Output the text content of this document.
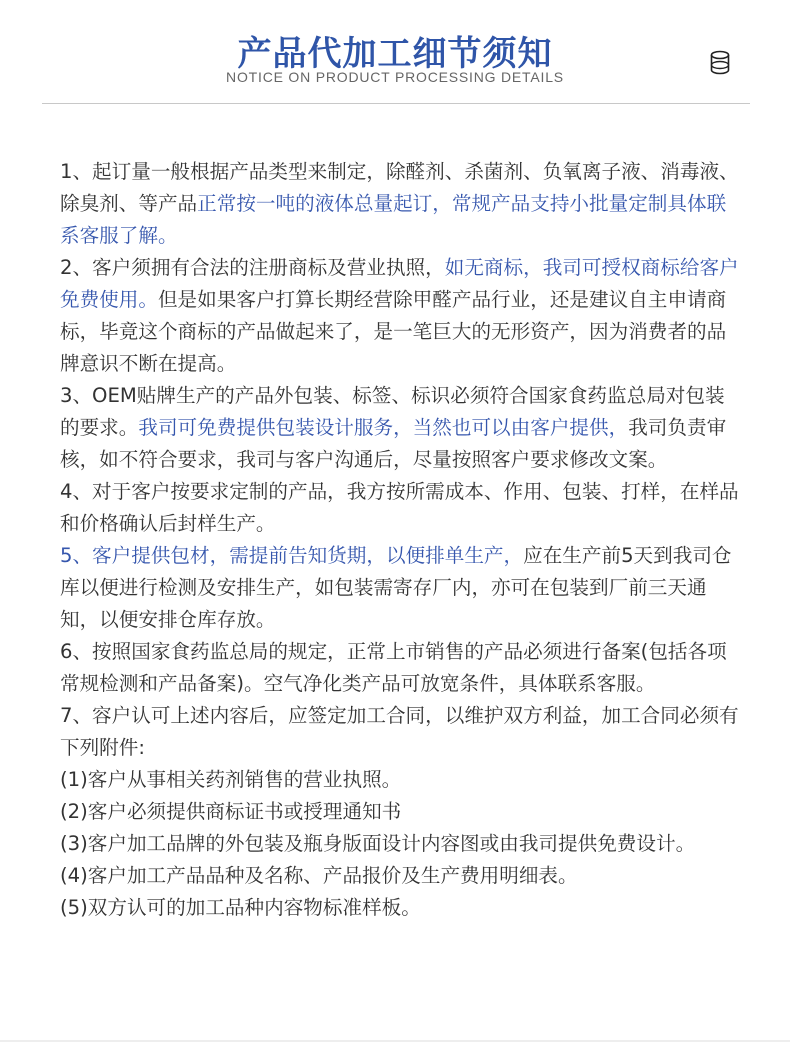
产品代加工细节须知
NOTICE ON PRODUCT PROCESSING DETAILS

1、起订量一般根据产品类型来制定，除醛剂、杀菌剂、负氧离子液、消毒液、除臭剂、等产品正常按一吨的液体总量起订，常规产品支持小批量定制具体联系客服了解。

2、客户须拥有合法的注册商标及营业执照，如无商标，我司可授权商标给客户免费使用。但是如果客户打算长期经营除甲醛产品行业，还是建议自主申请商标，毕竟这个商标的产品做起来了，是一笔巨大的无形资产，因为消费者的品牌意识不断在提高。

3、OEM贴牌生产的产品外包装、标签、标识必须符合国家食药监总局对包装的要求。我司可免费提供包装设计服务，当然也可以由客户提供，我司负责审核，如不符合要求，我司与客户沟通后，尽量按照客户要求修改文案。

4、对于客户按要求定制的产品，我方按所需成本、作用、包装、打样，在样品和价格确认后封样生产。

5、客户提供包材，需提前告知货期，以便排单生产，应在生产前5天到我司仓库以便进行检测及安排生产，如包装需寄存厂内，亦可在包装到厂前三天通知，以便安排仓库存放。

6、按照国家食药监总局的规定，正常上市销售的产品必须进行备案(包括各项常规检测和产品备案)。空气净化类产品可放宽条件，具体联系客服。

7、容户认可上述内容后，应签定加工合同，以维护双方利益，加工合同必须有下列附件:

(1)客户从事相关药剂销售的营业执照。

(2)客户必须提供商标证书或授理通知书

(3)客户加工品牌的外包装及瓶身版面设计内容图或由我司提供免费设计。

(4)客户加工产品品种及名称、产品报价及生产费用明细表。

(5)双方认可的加工品种内容物标准样板。
